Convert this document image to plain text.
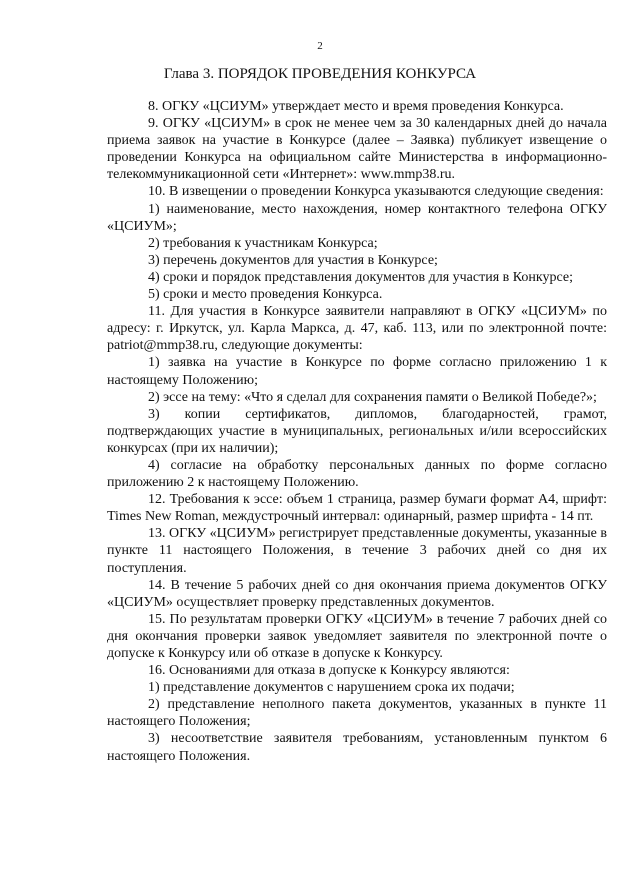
2
Глава 3. ПОРЯДОК ПРОВЕДЕНИЯ КОНКУРСА

8. ОГКУ «ЦСИУМ» утверждает место и время проведения Конкурса.

9. ОГКУ «ЦСИУМ» в срок не менее чем за 30 календарных дней до начала приема заявок на участие в Конкурсе (далее – Заявка) публикует извещение о проведении Конкурса на официальном сайте Министерства в информационно-телекоммуникационной сети «Интернет»: www.mmp38.ru.

10. В извещении о проведении Конкурса указываются следующие сведения:

1) наименование, место нахождения, номер контактного телефона ОГКУ «ЦСИУМ»;

2) требования к участникам Конкурса;

3) перечень документов для участия в Конкурсе;

4) сроки и порядок представления документов для участия в Конкурсе;

5) сроки и место проведения Конкурса.

11. Для участия в Конкурсе заявители направляют в ОГКУ «ЦСИУМ» по адресу: г. Иркутск, ул. Карла Маркса, д. 47, каб. 113, или по электронной почте: patriot@mmp38.ru, следующие документы:

1) заявка на участие в Конкурсе по форме согласно приложению 1 к настоящему Положению;

2) эссе на тему: «Что я сделал для сохранения памяти о Великой Победе?»;

3) копии сертификатов, дипломов, благодарностей, грамот, подтверждающих участие в муниципальных, региональных и/или всероссийских конкурсах (при их наличии);

4) согласие на обработку персональных данных по форме согласно приложению 2 к настоящему Положению.

12. Требования к эссе: объем 1 страница, размер бумаги формат А4, шрифт: Times New Roman, междустрочный интервал: одинарный, размер шрифта - 14 пт.

13. ОГКУ «ЦСИУМ» регистрирует представленные документы, указанные в пункте 11 настоящего Положения, в течение 3 рабочих дней со дня их поступления.

14. В течение 5 рабочих дней со дня окончания приема документов ОГКУ «ЦСИУМ» осуществляет проверку представленных документов.

15. По результатам проверки ОГКУ «ЦСИУМ» в течение 7 рабочих дней со дня окончания проверки заявок уведомляет заявителя по электронной почте о допуске к Конкурсу или об отказе в допуске к Конкурсу.

16. Основаниями для отказа в допуске к Конкурсу являются:

1) представление документов с нарушением срока их подачи;

2) представление неполного пакета документов, указанных в пункте 11 настоящего Положения;

3) несоответствие заявителя требованиям, установленным пунктом 6 настоящего Положения.
